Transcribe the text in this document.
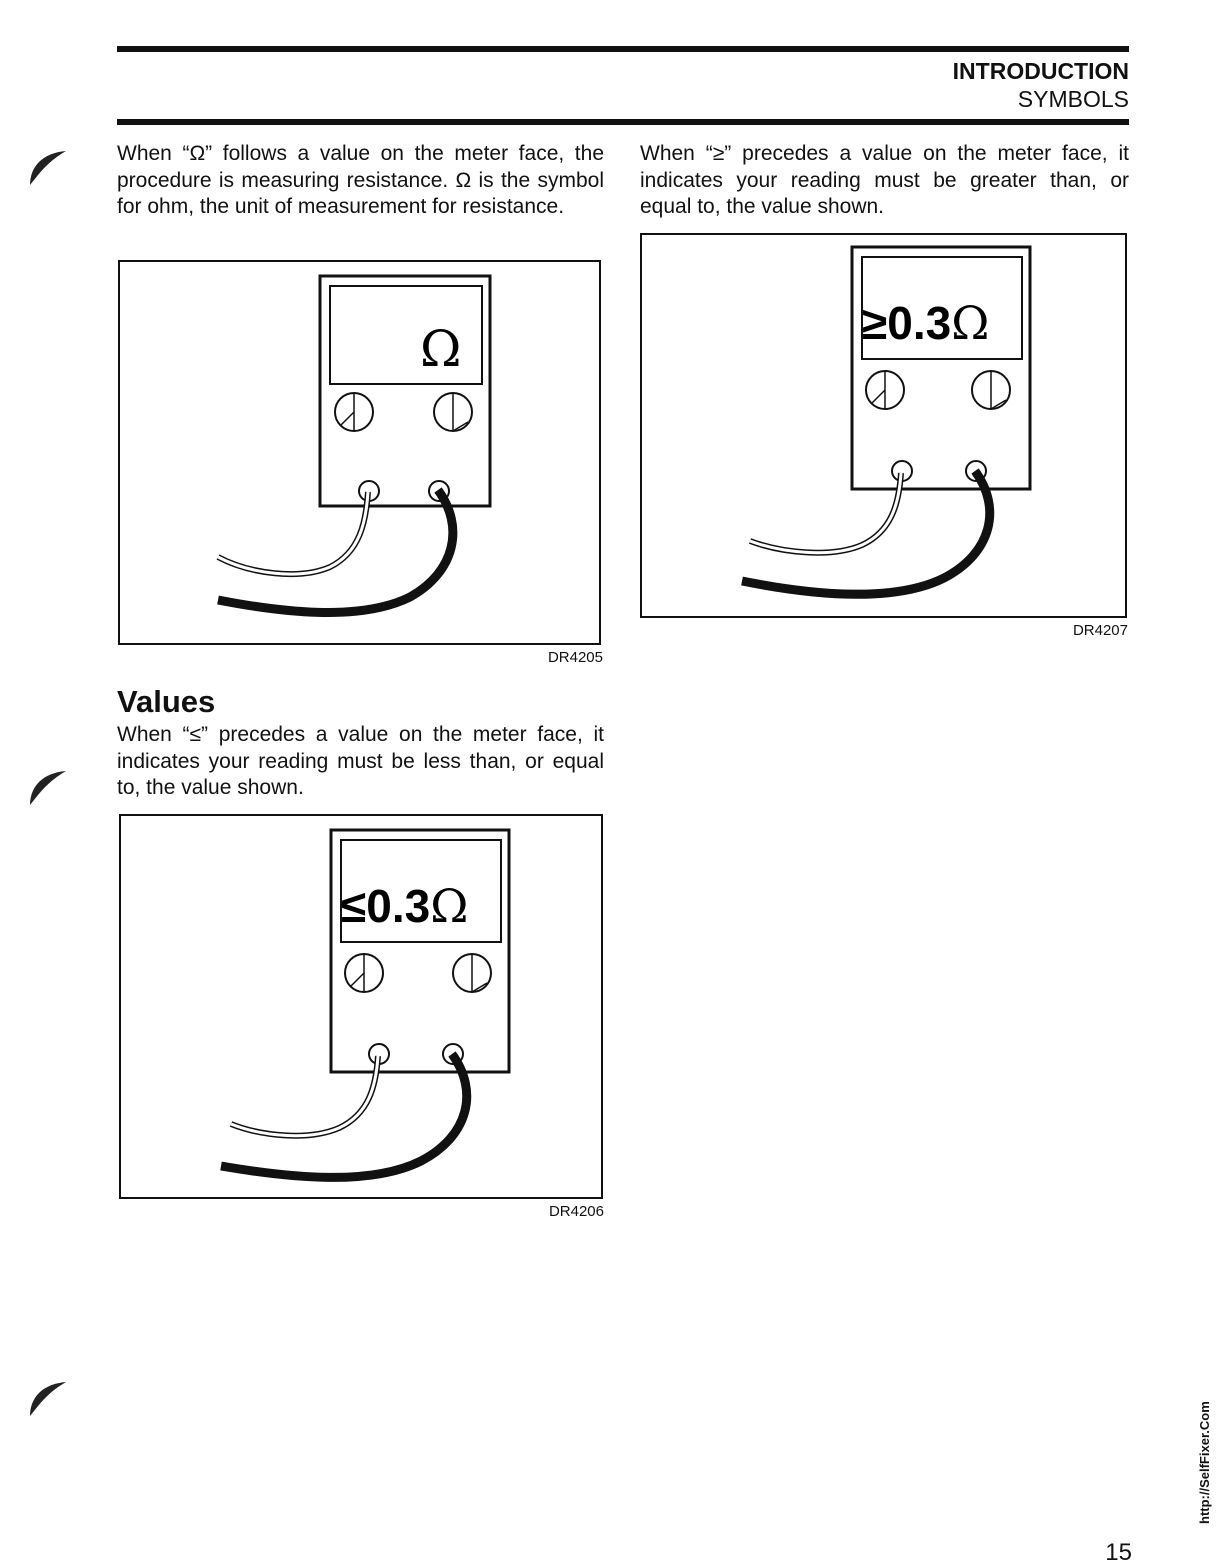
INTRODUCTION
SYMBOLS

When “Ω” follows a value on the meter face, the procedure is measuring resistance. Ω is the symbol for ohm, the unit of measurement for resistance.

Ω
DR4205
Values

When “≤” precedes a value on the meter face, it indicates your reading must be less than, or equal to, the value shown.

≤0.3Ω
DR4206

When “≥” precedes a value on the meter face, it indicates your reading must be greater than, or equal to, the value shown.

≥0.3Ω
DR4207
15
http://SelfFixer.Com
